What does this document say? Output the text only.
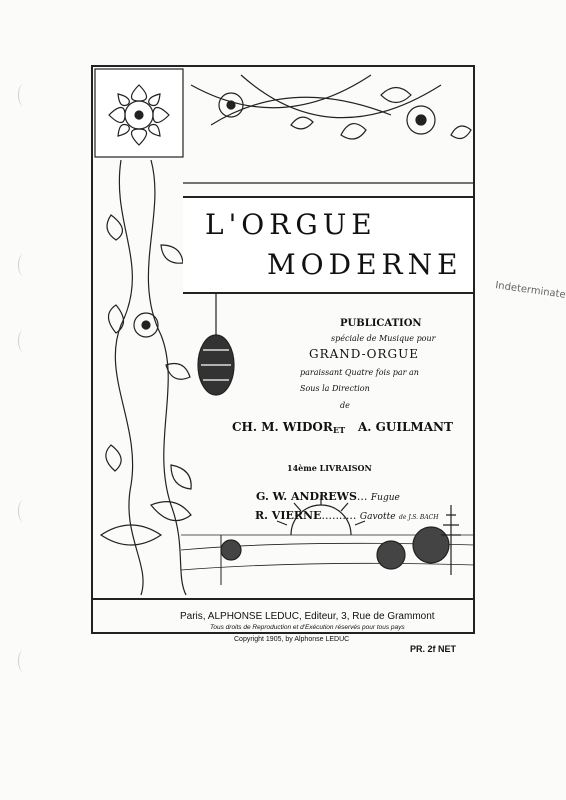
L'ORGUE
MODERNE
PUBLICATION
spéciale de Musique pour
GRAND-ORGUE
paraissant Quatre fois par an
Sous la Direction
de
CH. M. WIDOR ET A. GUILMANT
14ème LIVRAISON
G. W. ANDREWS... Fugue
R. VIERNE.......... Gavotte de J.S. BACH
Paris, ALPHONSE LEDUC, Editeur, 3, Rue de Grammont
Tous droits de Reproduction et d'Exécution réservés pour tous pays
Copyright 1905, by Alphonse LEDUC
PR. 2f NET
Indeterminate
